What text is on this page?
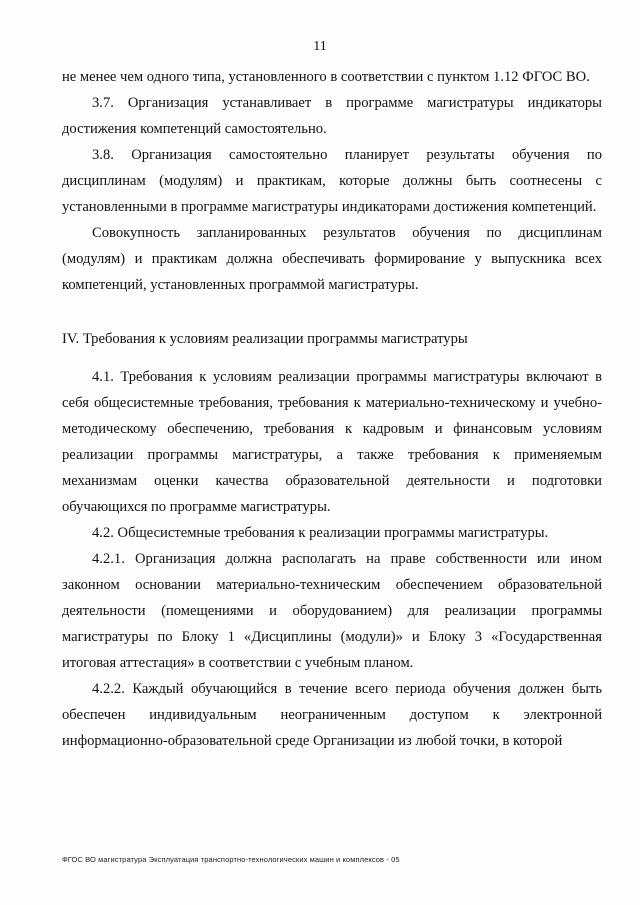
11

не менее чем одного типа, установленного в соответствии с пунктом 1.12 ФГОС ВО.

3.7. Организация устанавливает в программе магистратуры индикаторы достижения компетенций самостоятельно.

3.8. Организация самостоятельно планирует результаты обучения по дисциплинам (модулям) и практикам, которые должны быть соотнесены с установленными в программе магистратуры индикаторами достижения компетенций.

Совокупность запланированных результатов обучения по дисциплинам (модулям) и практикам должна обеспечивать формирование у выпускника всех компетенций, установленных программой магистратуры.

IV. Требования к условиям реализации программы магистратуры

4.1. Требования к условиям реализации программы магистратуры включают в себя общесистемные требования, требования к материально-техническому и учебно-методическому обеспечению, требования к кадровым и финансовым условиям реализации программы магистратуры, а также требования к применяемым механизмам оценки качества образовательной деятельности и подготовки обучающихся по программе магистратуры.

4.2. Общесистемные требования к реализации программы магистратуры.

4.2.1. Организация должна располагать на праве собственности или ином законном основании материально-техническим обеспечением образовательной деятельности (помещениями и оборудованием) для реализации программы магистратуры по Блоку 1 «Дисциплины (модули)» и Блоку 3 «Государственная итоговая аттестация» в соответствии с учебным планом.

4.2.2. Каждый обучающийся в течение всего периода обучения должен быть обеспечен индивидуальным неограниченным доступом к электронной информационно-образовательной среде Организации из любой точки, в которой

ФГОС ВО магистратура Эксплуатация транспортно-технологических машин и комплексов - 05
